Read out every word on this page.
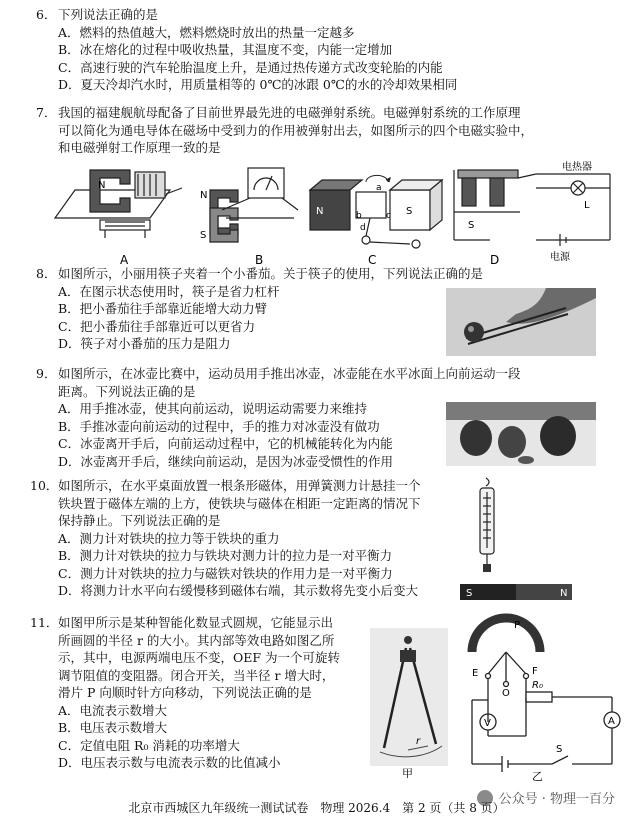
6． 下列说法正确的是
A．燃料的热值越大，燃料燃烧时放出的热量一定越多
B．冰在熔化的过程中吸收热量，其温度不变，内能一定增加
C．高速行驶的汽车轮胎温度上升，是通过热传递方式改变轮胎的内能
D．夏天冷却汽水时，用质量相等的 0℃的冰跟 0℃的水的冷却效果相同
7． 我国的福建舰航母配备了目前世界最先进的电磁弹射系统。电磁弹射系统的工作原理
可以简化为通电导体在磁场中受到力的作用被弹射出去，如图所示的四个电磁实验中，
和电磁弹射工作原理一致的是
N
A
N
S
B
N	S
a
b	c
d
C
电热器
L
S
电源
D
8． 如图所示，小丽用筷子夹着一个小番茄。关于筷子的使用，下列说法正确的是
A．在图示状态使用时，筷子是省力杠杆
B．把小番茄往手部靠近能增大动力臂
C．把小番茄往手部靠近可以更省力
D．筷子对小番茄的压力是阻力
9． 如图所示，在冰壶比赛中，运动员用手推出冰壶，冰壶能在水平冰面上向前运动一段
距离。下列说法正确的是
A．用手推冰壶，使其向前运动，说明运动需要力来维持
B．手推冰壶向前运动的过程中，手的推力对冰壶没有做功
C．冰壶离开手后，向前运动过程中，它的机械能转化为内能
D．冰壶离开手后，继续向前运动，是因为冰壶受惯性的作用
10． 如图所示，在水平桌面放置一根条形磁体，用弹簧测力计悬挂一个
铁块置于磁体左端的上方，使铁块与磁体在相距一定距离的情况下
保持静止。下列说法正确的是
A．测力计对铁块的拉力等于铁块的重力
B．测力计对铁块的拉力与铁块对测力计的拉力是一对平衡力
C．测力计对铁块的拉力与磁铁对铁块的作用力是一对平衡力
D．将测力计水平向右缓慢移到磁体右端，其示数将先变小后变大	S	N
11． 如图甲所示是某种智能化数显式圆规，它能显示出
所画圆的半径 r 的大小。其内部等效电路如图乙所
示，其中，电源两端电压不变，OEF 为一个可旋转
调节阻值的变阻器。闭合开关，当半径 r 增大时，
滑片 P 向顺时针方向移动，下列说法正确的是
A．电流表示数增大
B．电压表示数增大
C．定值电阻 R₀ 消耗的功率增大
D．电压表示数与电流表示数的比值减小
r
甲
P
E	F
O
R₀
V	A
S
乙
公众号 · 物理一百分
北京市西城区九年级统一测试试卷　物理 2026.4　第 2 页（共 8 页）
